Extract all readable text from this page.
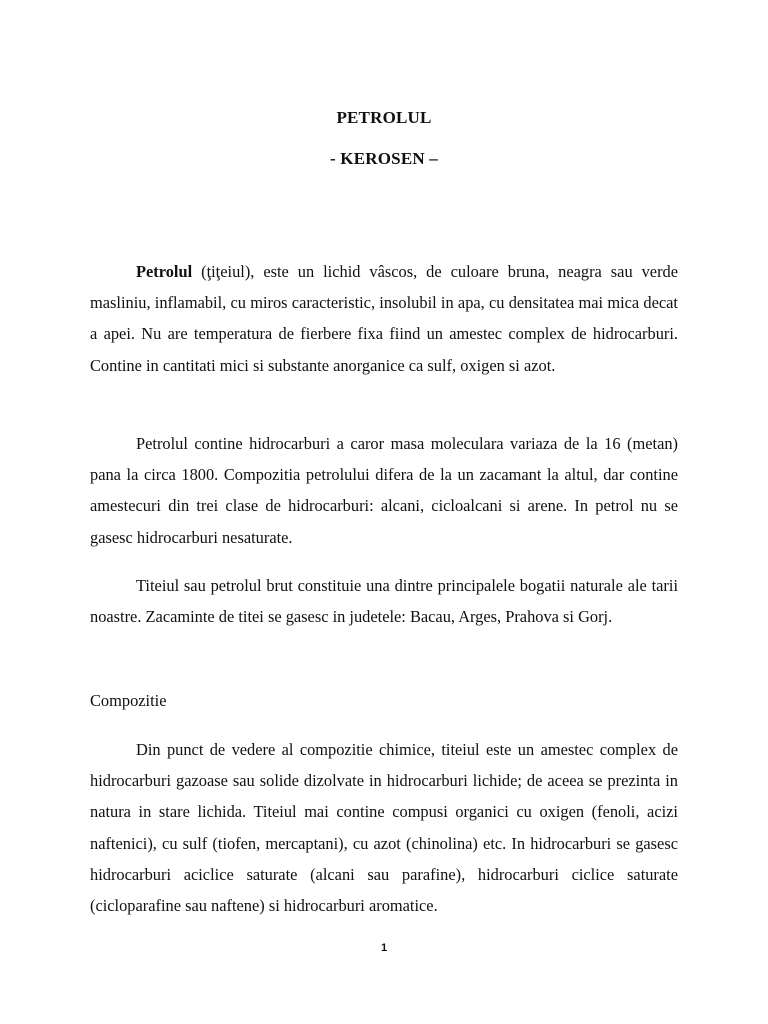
PETROLUL
- KEROSEN –

Petrolul (ţiţeiul), este un lichid vâscos, de culoare bruna, neagra sau verde masliniu, inflamabil, cu miros caracteristic, insolubil in apa, cu densitatea mai mica decat a apei. Nu are temperatura de fierbere fixa fiind un amestec complex de hidrocarburi. Contine in cantitati mici si substante anorganice ca sulf, oxigen si azot.

Petrolul contine hidrocarburi a caror masa moleculara variaza de la 16 (metan) pana la circa 1800. Compozitia petrolului difera de la un zacamant la altul, dar contine amestecuri din trei clase de hidrocarburi: alcani, cicloalcani si arene. In petrol nu se gasesc hidrocarburi nesaturate.

Titeiul sau petrolul brut constituie una dintre principalele bogatii naturale ale tarii noastre. Zacaminte de titei se gasesc in judetele: Bacau, Arges, Prahova si Gorj.

Compozitie

Din punct de vedere al compozitie chimice, titeiul este un amestec complex de hidrocarburi gazoase sau solide dizolvate in hidrocarburi lichide; de aceea se prezinta in natura in stare lichida. Titeiul mai contine compusi organici cu oxigen (fenoli, acizi naftenici), cu sulf (tiofen, mercaptani), cu azot (chinolina) etc. In hidrocarburi se gasesc hidrocarburi aciclice saturate (alcani sau parafine), hidrocarburi ciclice saturate (cicloparafine sau naftene) si hidrocarburi aromatice.

1
